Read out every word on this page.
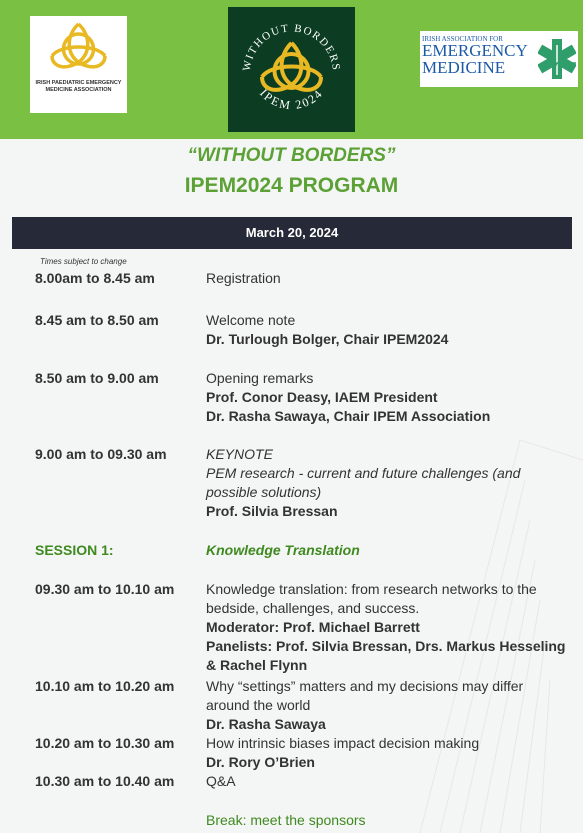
IRISH PAEDIATRIC EMERGENCY MEDICINE ASSOCIATION
WITHOUT BORDERS
IPEM 2024
IRISH ASSOCIATION FOR
EMERGENCY
MEDICINE
“WITHOUT BORDERS”
IPEM2024 PROGRAM
March 20, 2024
Times subject to change
8.00am to 8.45 am	Registration
8.45 am to 8.50 am	Welcome note
Dr. Turlough Bolger, Chair IPEM2024
8.50 am to 9.00 am	Opening remarks
Prof. Conor Deasy, IAEM President
Dr. Rasha Sawaya, Chair IPEM Association
9.00 am to 09.30 am	KEYNOTE
PEM research - current and future challenges (and possible solutions)
Prof. Silvia Bressan
SESSION 1:	Knowledge Translation
09.30 am to 10.10 am Knowledge translation: from research networks to the bedside, challenges, and success.
Moderator: Prof. Michael Barrett
Panelists: Prof. Silvia Bressan, Drs. Markus Hesseling & Rachel Flynn
10.10 am to 10.20 am Why “settings” matters and my decisions may differ around the world
Dr. Rasha Sawaya
10.20 am to 10.30 am How intrinsic biases impact decision making
Dr. Rory O’Brien
10.30 am to 10.40 am Q&A
Break: meet the sponsors
